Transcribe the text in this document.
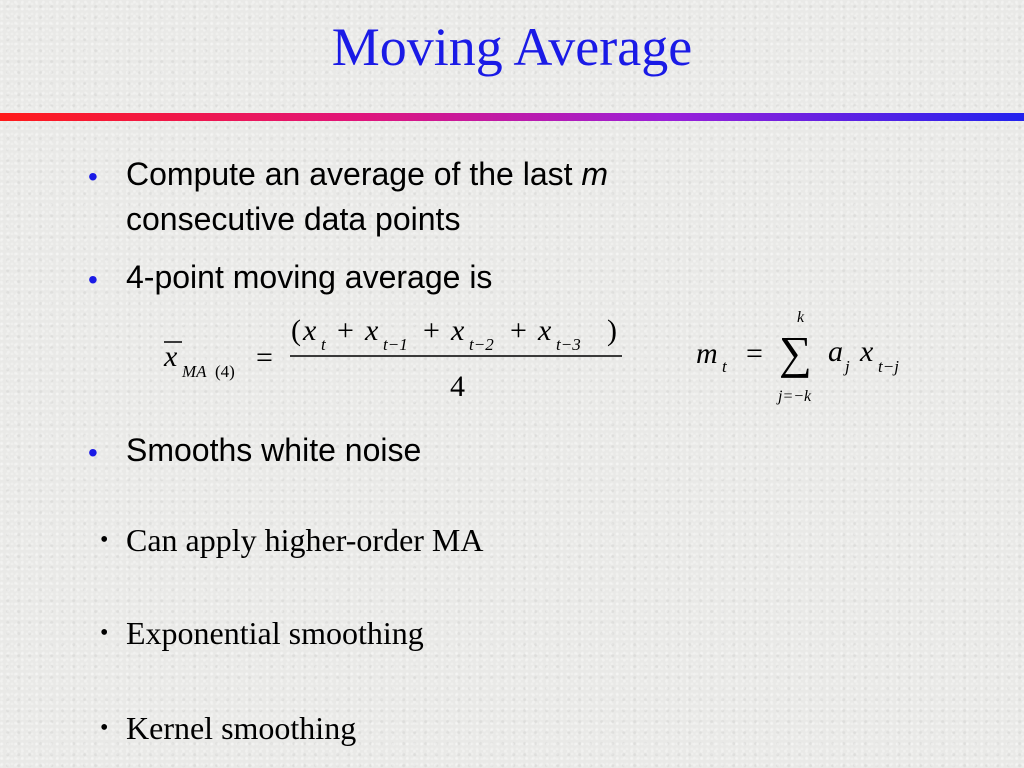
Moving Average
• Compute an average of the last m
consecutive data points
• 4-point moving average is
x MA (4) =
( x t + x t−1 + x t−2 + x t−3 )
4
m t =
k
∑
j=−k
a j x t−j
• Smooths white noise
• Can apply higher-order MA
• Exponential smoothing
• Kernel smoothing
